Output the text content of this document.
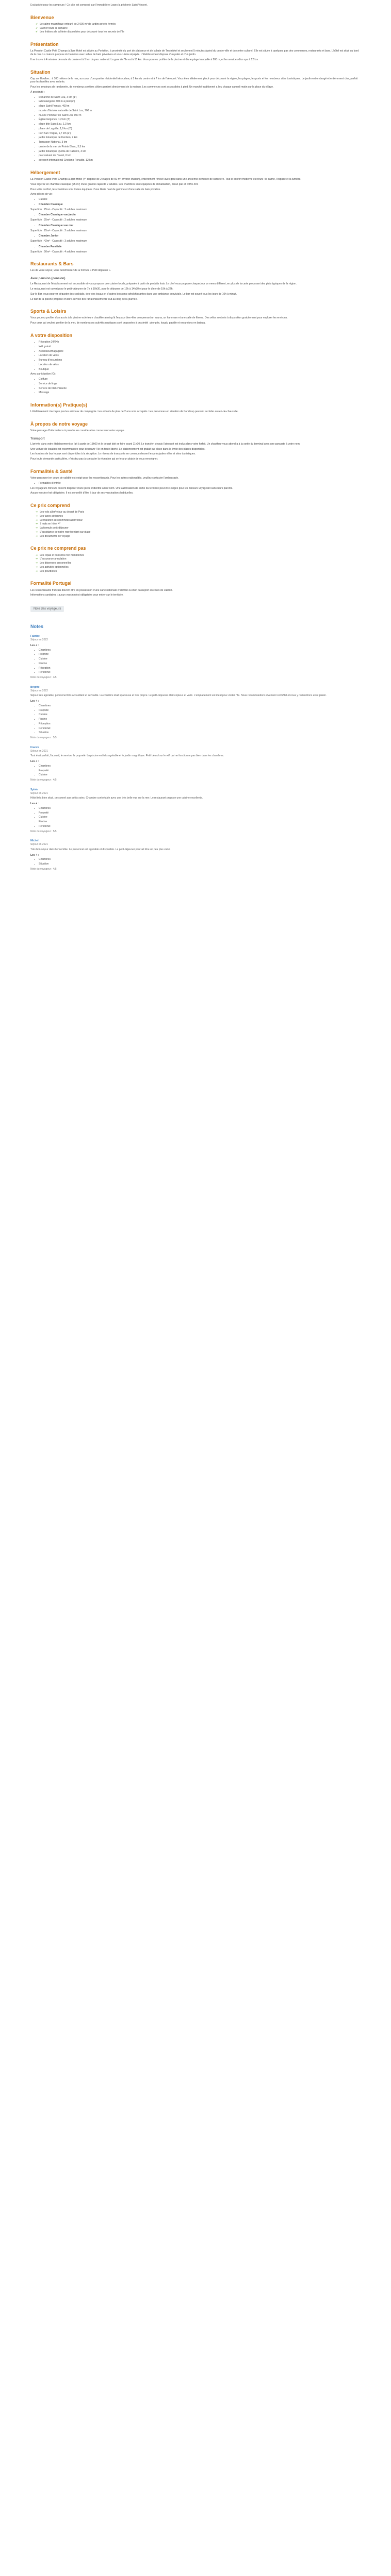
Exclusivité pour les campeurs ! Ce gîte est composé par l'Immobilière Loges la pêcherie Saint Vincent.

Bienvenue
✔ Le calme magnifique entouré de 2 000 m² de jardins privés fermés
✔ La mer toute la semaine
✔ Les finitions de la literie disponibles pour découvrir tous les secrets de l'île
Présentation

La Pension Castle Petit Champs à 3pm Hotel est située au Portstion, à proximité du port de plaisance et de la baie de Trestrikkel et seulement 5 minutes à pied du centre-ville et du centre culturel. Elle est située à quelques pas des commerces, restaurants et bars. L'hôtel est situé au bord de la mer. La maison propose 4 chambres avec salles de bain privatives et une cuisine équipée. L'établissement dispose d'un patio et d'un jardin.

Il se trouve à 4 minutes de route du centre et à 5 km du parc national. La gare de l'île est à 15 km. Vous pourrez profiter de la piscine et d'une plage tranquille à 200 m, et les services d'un spa à 12 km.

Situation

Cap sur Houlbec : à 100 mètres de la mer, au cœur d'un quartier résidentiel très calme, à 5 km du centre et à 7 km de l'aéroport. Vous êtes idéalement placé pour découvrir la région, les plages, les ports et les nombreux sites touristiques. Le jardin est ombragé et entièrement clos, parfait pour les familles avec enfants.

Pour les amateurs de randonnée, de nombreux sentiers côtiers partent directement de la maison. Les commerces sont accessibles à pied. Un marché traditionnel a lieu chaque samedi matin sur la place du village.

À proximité :

• le marché de Saint Lou, 3 km (1')
• la boulangerie 200 m à pied (2')
• plage Saint Francis, 400 m
• musée d'histoire naturelle de Saint Lou, 700 m
• musée Pommier de Saint Lou, 900 m
• Église Grigoriev, 1,2 km (3')
• plage dite Saint Lou, 1,3 km
• phare de Laguille, 1,6 km (2')
• Fort Sun Tragus, 1,7 km (2')
• jardin botanique de Kerdern, 2 km
• Terrasson National, 3 km
• centre de la mer de Pointe Blanc, 3,5 km
• jardin botanique Quinta de Palheiro, 4 km
• parc naturel de l'ouest, 6 km
• aéroport international Cristiano Ronaldo, 12 km
Hébergement

La Pension Castle Petit Champs à 3pm Hotel (4* dispose de 2 étages de 50 m² environ chacun), entièrement rénové avec goût dans une ancienne demeure de caractère. Tout le confort moderne est réuni : le calme, l'espace et la lumière.

Vous logerez en chambre classique (25 m²) d'une grande capacité 2 adultes. Les chambres sont équipées de climatisation, écran plat et coffre-fort.

Pour votre confort, les chambres sont toutes équipées d'une literie haut de gamme et d'une salle de bain privative.

Avec pièces de vie :

• Cuisine
• Chambre Classique

Superficie : 25m² - Capacité : 2 adultes maximum

• Chambre Classique vue jardin

Superficie : 25m² - Capacité : 2 adultes maximum

• Chambre Classique vue mer

Superficie : 25m² - Capacité : 2 adultes maximum

• Chambre Junior

Superficie : 42m² - Capacité : 3 adultes maximum

• Chambre Familiale

Superficie : 50m² - Capacité : 4 adultes maximum

Restaurants & Bars

Les de votre séjour, vous bénéficierez de la formule « Petit déjeuner ».

Avec pension (pension)

Le Restaurant de l'établissement est accessible et vous propose une cuisine locale, préparée à partir de produits frais. Le chef vous propose chaque jour un menu différent, en plus de la carte proposant des plats typiques de la région.

Le restaurant est ouvert pour le petit-déjeuner de 7h à 10h30, pour le déjeuner de 12h à 14h30 et pour le dîner de 19h à 22h.

Sur le Bar, vous pourrez déguster des cocktails, des vins locaux et d'autres boissons rafraîchissantes dans une ambiance conviviale. Le bar est ouvert tous les jours de 10h à minuit.

Le bar de la piscine propose en libre-service des rafraîchissements tout au long de la journée.

Sports & Loisirs

Vous pourrez profiter d'un accès à la piscine extérieure chauffée ainsi qu'à l'espace bien-être comprenant un sauna, un hammam et une salle de fitness. Des vélos sont mis à disposition gratuitement pour explorer les environs.

Pour ceux qui veulent profiter de la mer, de nombreuses activités nautiques sont proposées à proximité : plongée, kayak, paddle et excursions en bateau.

A votre disposition
• Réception 24/24h
• Wifi gratuit
• Ascenseur/Bagagerie
• Location de vélos
• Bureau d'excursions
• Location de vélos
• Boutique

Avec participation (€) :

• Coiffure
• Service de linge
• Service de blanchisserie
• Massage
Information(s) Pratique(s)

L'établissement n'accepte pas les animaux de compagnie. Les enfants de plus de 2 ans sont acceptés. Les personnes en situation de handicap peuvent accéder au rez-de-chaussée.

À propos de notre voyage

Votre passage d'informations à prendre en considération concernant votre voyage.

Transport

L'arrivée dans votre établissement se fait à partir de 15h00 et le départ doit se faire avant 11h00. Le transfert depuis l'aéroport est inclus dans votre forfait. Un chauffeur vous attendra à la sortie du terminal avec une pancarte à votre nom.

Une voiture de location est recommandée pour découvrir l'île en toute liberté. Le stationnement est gratuit sur place dans la limite des places disponibles.

Les horaires de bus locaux sont disponibles à la réception. Le réseau de transports en commun dessert les principales villes et sites touristiques.

Pour toute demande particulière, n'hésitez pas à contacter la réception qui se fera un plaisir de vous renseigner.

Formalités & Santé

Votre passeport en cours de validité est exigé pour les ressortissants. Pour les autres nationalités, veuillez contacter l'ambassade.

• Formalités d'entrée

Les voyageurs mineurs doivent disposer d'une pièce d'identité à leur nom. Une autorisation de sortie du territoire peut être exigée pour les mineurs voyageant sans leurs parents.

Aucun vaccin n'est obligatoire. Il est conseillé d'être à jour de ses vaccinations habituelles.

Ce prix comprend
➜ Les vols aller/retour au départ de Paris
➜ Les taxes aériennes
➜ Le transfert aéroport/hôtel aller/retour
➜ 7 nuits en hôtel 4*
➜ La formule petit-déjeuner
➜ L'assistance de notre représentant sur place
➜ Les documents de voyage
Ce prix ne comprend pas
➜ Les repas et boissons non mentionnés
➜ L'assurance annulation
➜ Les dépenses personnelles
➜ Les activités optionnelles
➜ Les pourboires
Formalité Portugal

Les ressortissants français doivent être en possession d'une carte nationale d'identité ou d'un passeport en cours de validité.

Informations sanitaires : aucun vaccin n'est obligatoire pour entrer sur le territoire.

Note des voyageurs
Notes
Fabrice
Séjour en 2022
Les + :
• Chambres
• Propreté
• Cuisine
• Piscine
• Réception
• Personnel
Note du voyageur : 4/5
Brigitte
Séjour en 2022

Séjour très agréable, personnel très accueillant et serviable. La chambre était spacieuse et très propre. Le petit-déjeuner était copieux et varié. L'emplacement est idéal pour visiter l'île. Nous recommandons vivement cet hôtel et nous y reviendrons avec plaisir.

Les + :
• Chambres
• Propreté
• Cuisine
• Piscine
• Réception
• Personnel
• Situation
Note du voyageur : 5/5
Franck
Séjour en 2021

Tout était parfait, l'accueil, le service, la propreté. La piscine est très agréable et le jardin magnifique. Petit bémol sur le wifi qui ne fonctionne pas bien dans les chambres.

Les + :
• Chambres
• Propreté
• Cuisine
Note du voyageur : 4/5
Sylvie
Séjour en 2021

Hôtel très bien situé, personnel aux petits soins. Chambre confortable avec une très belle vue sur la mer. Le restaurant propose une cuisine excellente.

Les + :
• Chambres
• Propreté
• Cuisine
• Piscine
• Personnel
Note du voyageur : 5/5
Michel
Séjour en 2021

Très bon séjour dans l'ensemble. Le personnel est agréable et disponible. Le petit-déjeuner pourrait être un peu plus varié.

Les + :
• Chambres
• Situation
Note du voyageur : 4/5
